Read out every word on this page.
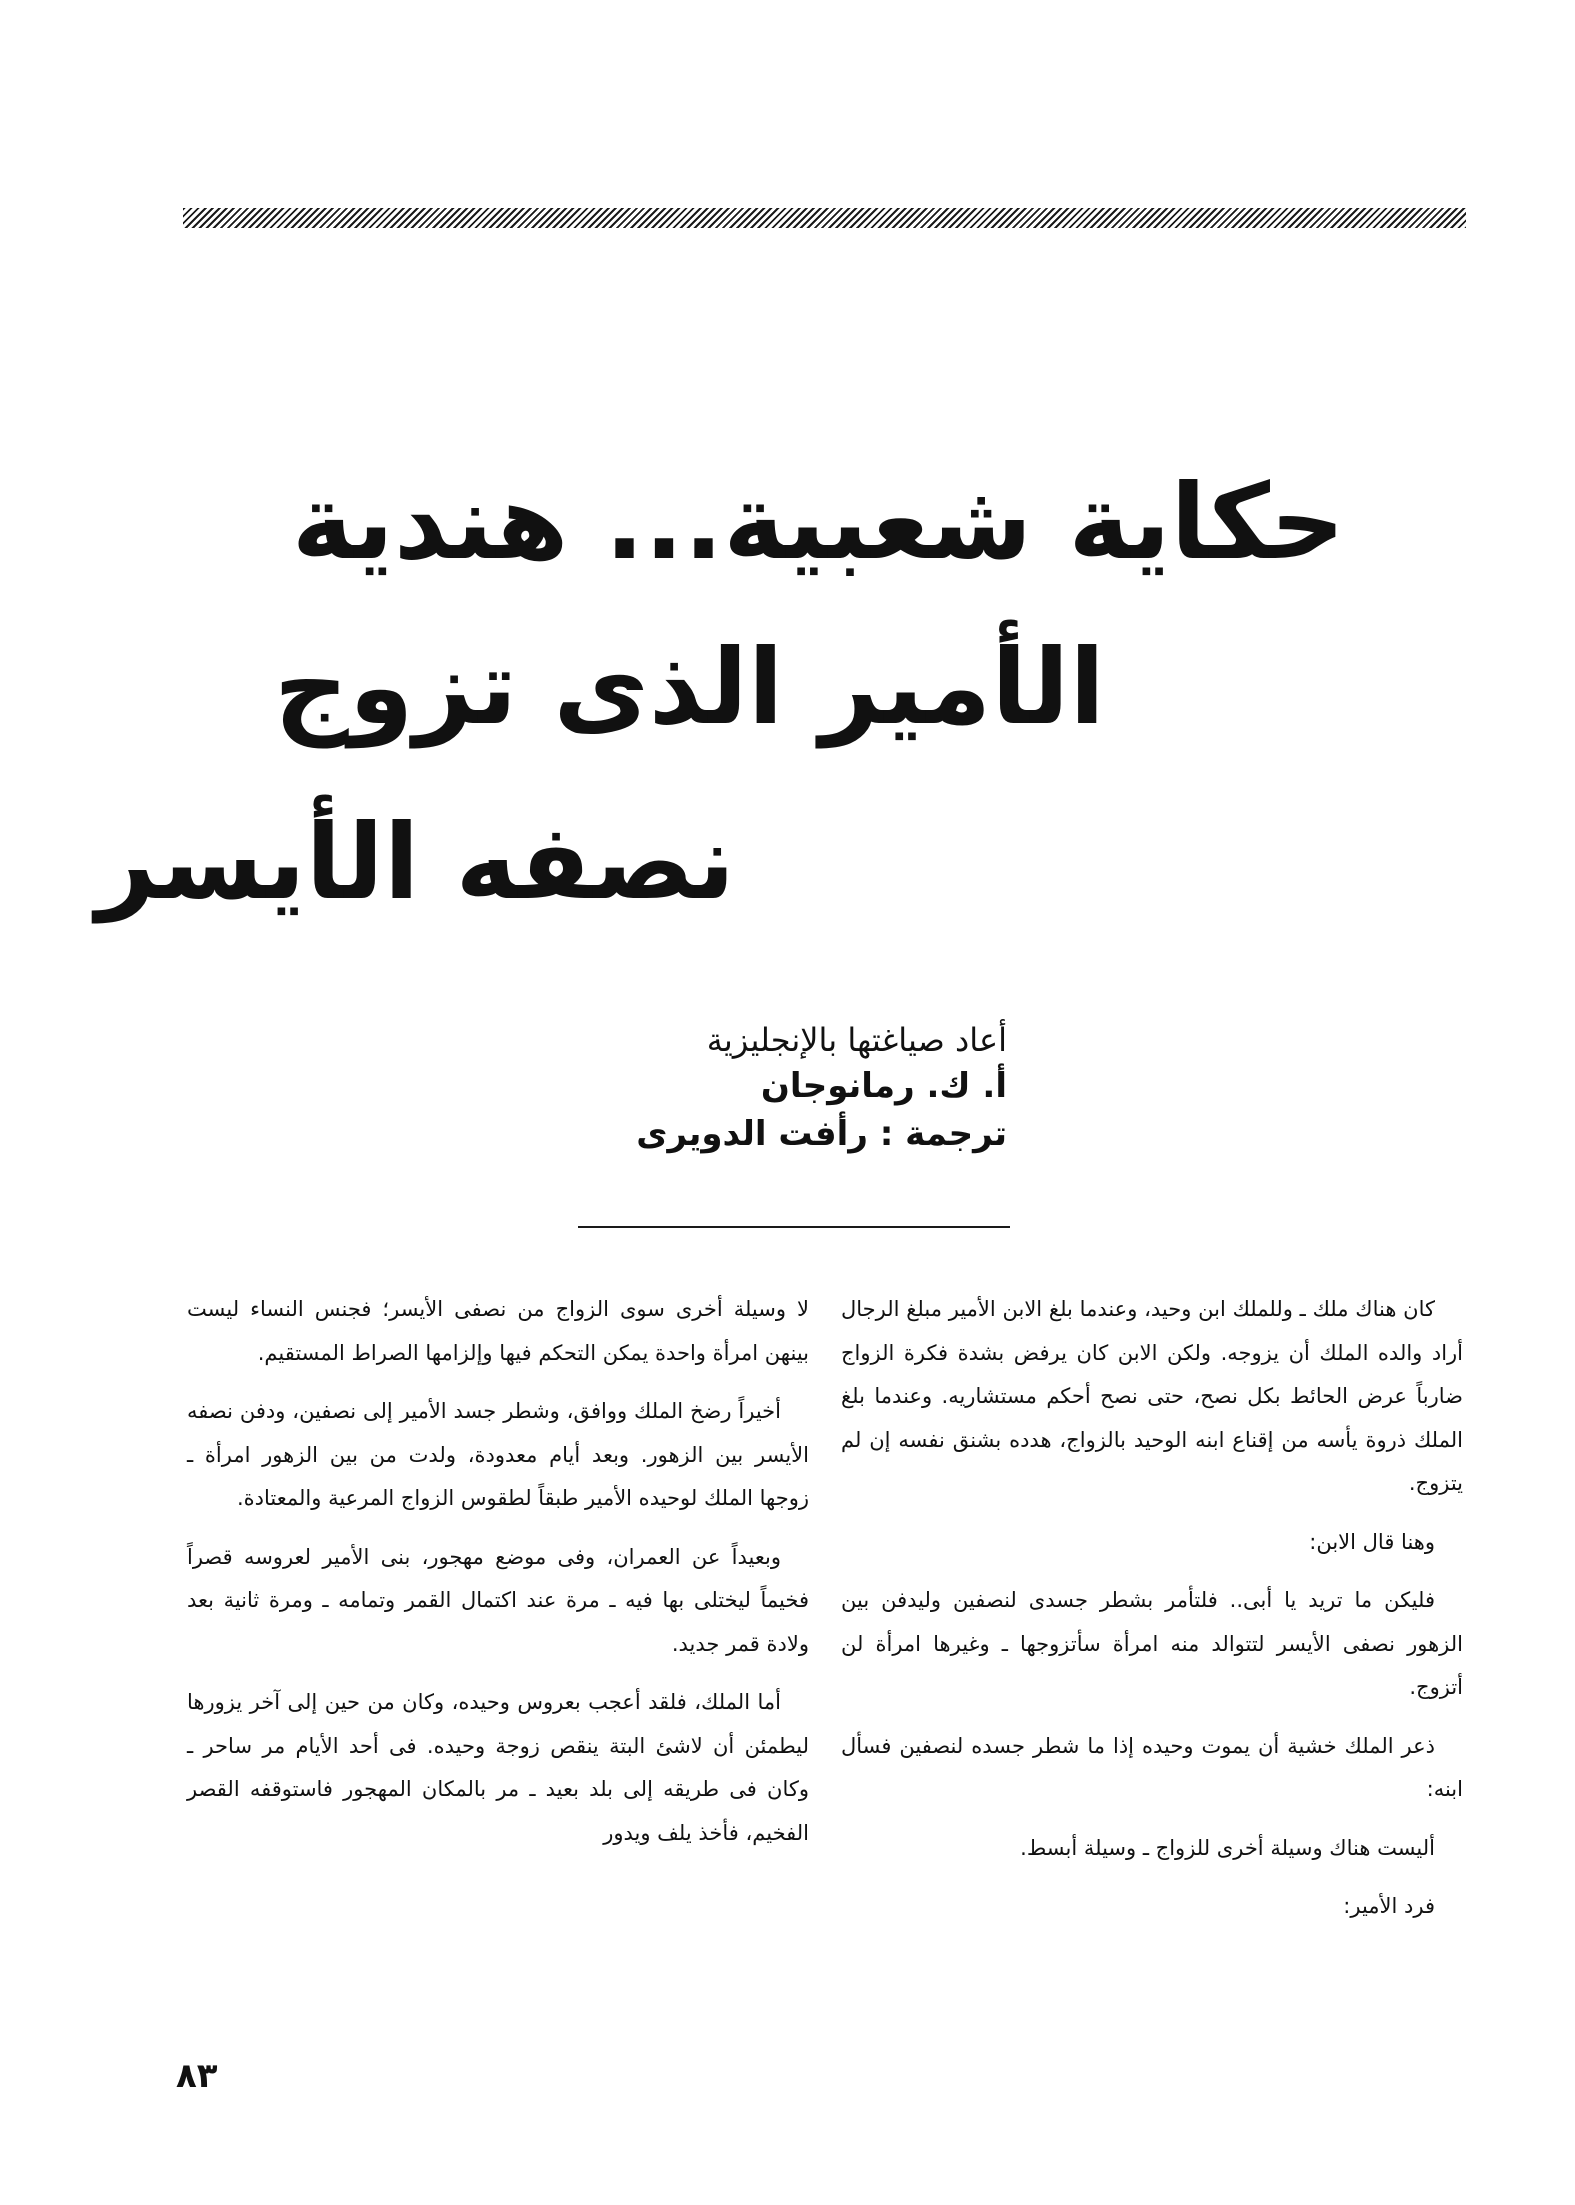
حكاية شعبية... هندية
الأمير الذى تزوج
نصفه الأيسر
أعاد صياغتها بالإنجليزية
أ. ك. رمانوجان
ترجمة : رأفت الدويرى

كان هناك ملك ـ وللملك ابن وحيد، وعندما بلغ الابن الأمير مبلغ الرجال أراد والده الملك أن يزوجه. ولكن الابن كان يرفض بشدة فكرة الزواج ضارباً عرض الحائط بكل نصح، حتى نصح أحكم مستشاريه. وعندما بلغ الملك ذروة يأسه من إقناع ابنه الوحيد بالزواج، هدده بشنق نفسه إن لم يتزوج.

وهنا قال الابن:

فليكن ما تريد يا أبى.. فلتأمر بشطر جسدى لنصفين وليدفن بين الزهور نصفى الأيسر لتتوالد منه امرأة سأتزوجها ـ وغيرها امرأة لن أتزوج.

ذعر الملك خشية أن يموت وحيده إذا ما شطر جسده لنصفين فسأل ابنه:

أليست هناك وسيلة أخرى للزواج ـ وسيلة أبسط.

فرد الأمير:

لا وسيلة أخرى سوى الزواج من نصفى الأيسر؛ فجنس النساء ليست بينهن امرأة واحدة يمكن التحكم فيها وإلزامها الصراط المستقيم.

أخيراً رضخ الملك ووافق، وشطر جسد الأمير إلى نصفين، ودفن نصفه الأيسر بين الزهور. وبعد أيام معدودة، ولدت من بين الزهور امرأة ـ زوجها الملك لوحيده الأمير طبقاً لطقوس الزواج المرعية والمعتادة.

وبعيداً عن العمران، وفى موضع مهجور، بنى الأمير لعروسه قصراً فخيماً ليختلى بها فيه ـ مرة عند اكتمال القمر وتمامه ـ ومرة ثانية بعد ولادة قمر جديد.

أما الملك، فلقد أعجب بعروس وحيده، وكان من حين إلى آخر يزورها ليطمئن أن لاشئ البتة ينقص زوجة وحيده. فى أحد الأيام مر ساحر ـ وكان فى طريقه إلى بلد بعيد ـ مر بالمكان المهجور فاستوقفه القصر الفخيم، فأخذ يلف ويدور

٨٣
